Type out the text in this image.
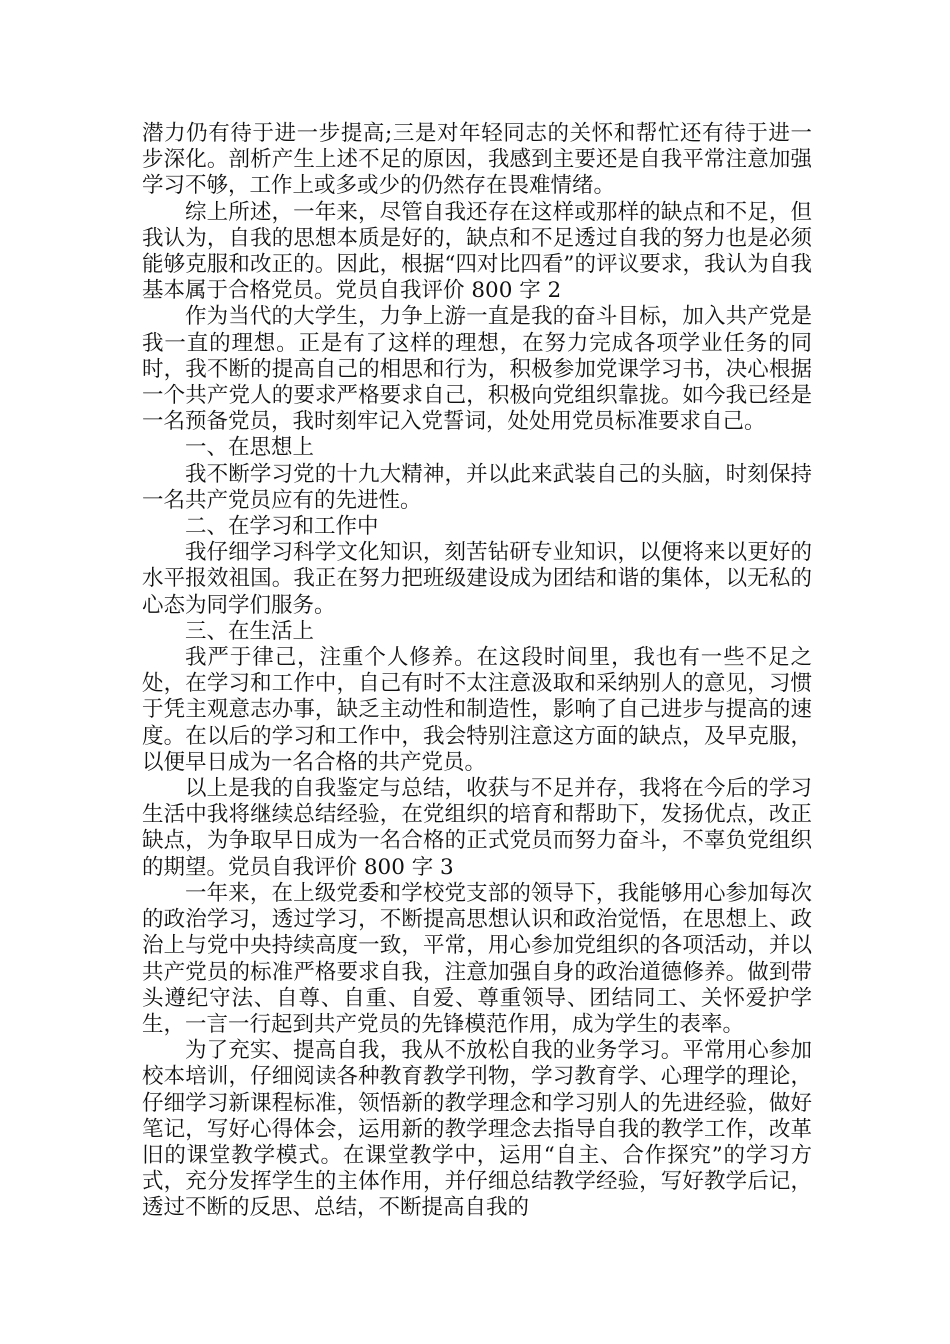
潜力仍有待于进一步提高;三是对年轻同志的关怀和帮忙还有待于进一步深化。剖析产生上述不足的原因，我感到主要还是自我平常注意加强学习不够，工作上或多或少的仍然存在畏难情绪。

综上所述，一年来，尽管自我还存在这样或那样的缺点和不足，但我认为，自我的思想本质是好的，缺点和不足透过自我的努力也是必须能够克服和改正的。因此，根据“四对比四看”的评议要求，我认为自我基本属于合格党员。党员自我评价 800 字 2

作为当代的大学生，力争上游一直是我的奋斗目标，加入共产党是我一直的理想。正是有了这样的理想，在努力完成各项学业任务的同时，我不断的提高自己的相思和行为，积极参加党课学习书，决心根据一个共产党人的要求严格要求自己，积极向党组织靠拢。如今我已经是一名预备党员，我时刻牢记入党誓词，处处用党员标准要求自己。

一、在思想上

我不断学习党的十九大精神，并以此来武装自己的头脑，时刻保持一名共产党员应有的先进性。

二、在学习和工作中

我仔细学习科学文化知识，刻苦钻研专业知识，以便将来以更好的水平报效祖国。我正在努力把班级建设成为团结和谐的集体，以无私的心态为同学们服务。

三、在生活上

我严于律己，注重个人修养。在这段时间里，我也有一些不足之处，在学习和工作中，自己有时不太注意汲取和采纳别人的意见，习惯于凭主观意志办事，缺乏主动性和制造性，影响了自己进步与提高的速度。在以后的学习和工作中，我会特别注意这方面的缺点，及早克服，以便早日成为一名合格的共产党员。

以上是我的自我鉴定与总结，收获与不足并存，我将在今后的学习生活中我将继续总结经验，在党组织的培育和帮助下，发扬优点，改正缺点，为争取早日成为一名合格的正式党员而努力奋斗，不辜负党组织的期望。党员自我评价 800 字 3

一年来，在上级党委和学校党支部的领导下，我能够用心参加每次的政治学习，透过学习，不断提高思想认识和政治觉悟，在思想上、政治上与党中央持续高度一致，平常，用心参加党组织的各项活动，并以共产党员的标准严格要求自我，注意加强自身的政治道德修养。做到带头遵纪守法、自尊、自重、自爱、尊重领导、团结同工、关怀爱护学生，一言一行起到共产党员的先锋模范作用，成为学生的表率。

为了充实、提高自我，我从不放松自我的业务学习。平常用心参加校本培训，仔细阅读各种教育教学刊物，学习教育学、心理学的理论，仔细学习新课程标准，领悟新的教学理念和学习别人的先进经验，做好笔记，写好心得体会，运用新的教学理念去指导自我的教学工作，改革旧的课堂教学模式。在课堂教学中，运用“自主、合作探究”的学习方式，充分发挥学生的主体作用，并仔细总结教学经验，写好教学后记，透过不断的反思、总结，不断提高自我的
